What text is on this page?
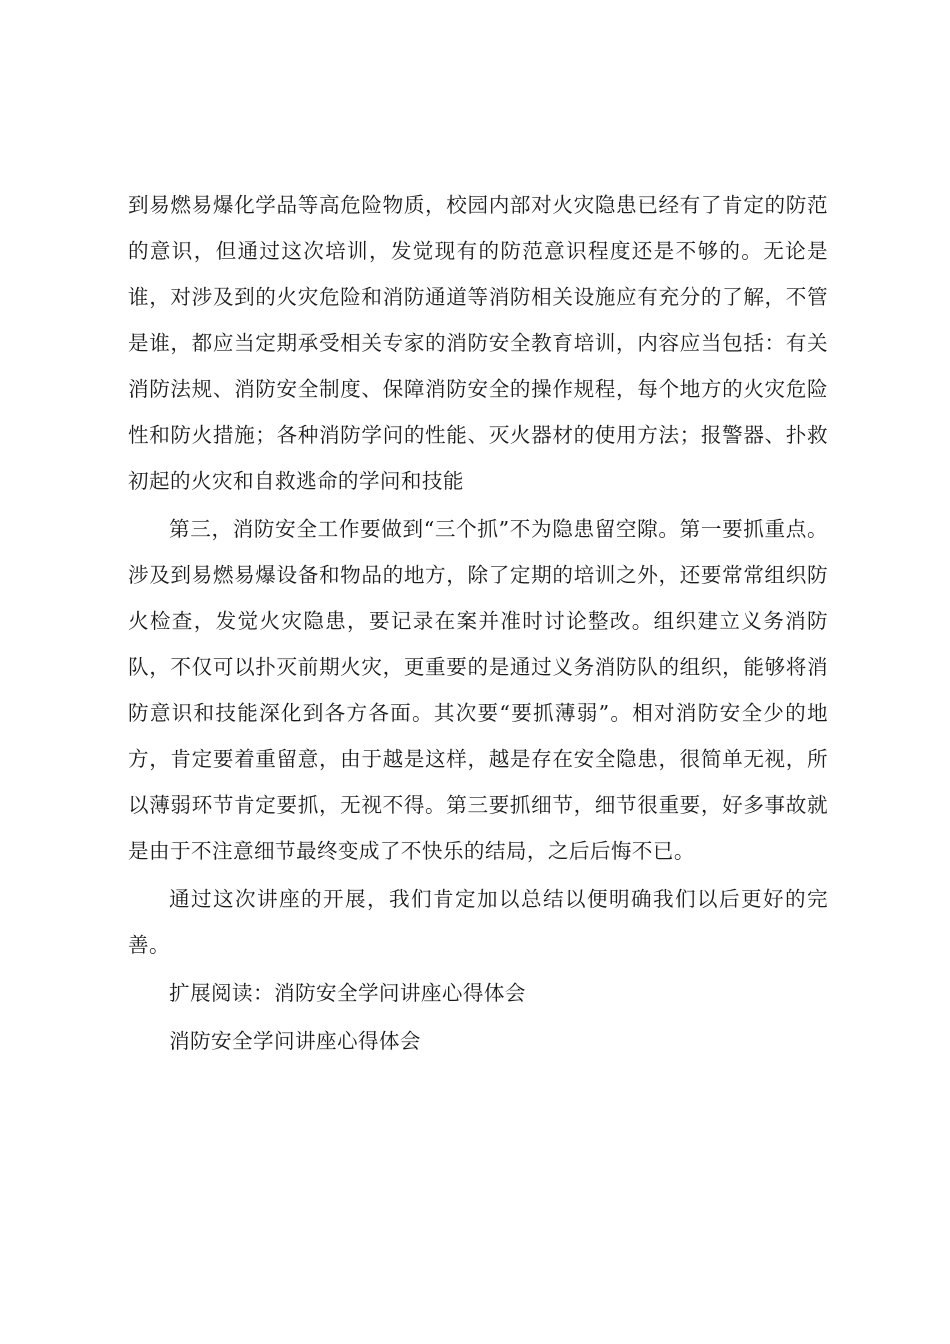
到易燃易爆化学品等高危险物质，校园内部对火灾隐患已经有了肯定的防范的意识，但通过这次培训，发觉现有的防范意识程度还是不够的。无论是谁，对涉及到的火灾危险和消防通道等消防相关设施应有充分的了解，不管是谁，都应当定期承受相关专家的消防安全教育培训，内容应当包括：有关消防法规、消防安全制度、保障消防安全的操作规程，每个地方的火灾危险性和防火措施；各种消防学问的性能、灭火器材的使用方法；报警器、扑救初起的火灾和自救逃命的学问和技能

第三，消防安全工作要做到“三个抓”不为隐患留空隙。第一要抓重点。涉及到易燃易爆设备和物品的地方，除了定期的培训之外，还要常常组织防火检查，发觉火灾隐患，要记录在案并准时讨论整改。组织建立义务消防队，不仅可以扑灭前期火灾，更重要的是通过义务消防队的组织，能够将消防意识和技能深化到各方各面。其次要“要抓薄弱”。相对消防安全少的地方，肯定要着重留意，由于越是这样，越是存在安全隐患，很简单无视，所以薄弱环节肯定要抓，无视不得。第三要抓细节，细节很重要，好多事故就是由于不注意细节最终变成了不快乐的结局，之后后悔不已。

通过这次讲座的开展，我们肯定加以总结以便明确我们以后更好的完善。

扩展阅读：消防安全学问讲座心得体会

消防安全学问讲座心得体会
